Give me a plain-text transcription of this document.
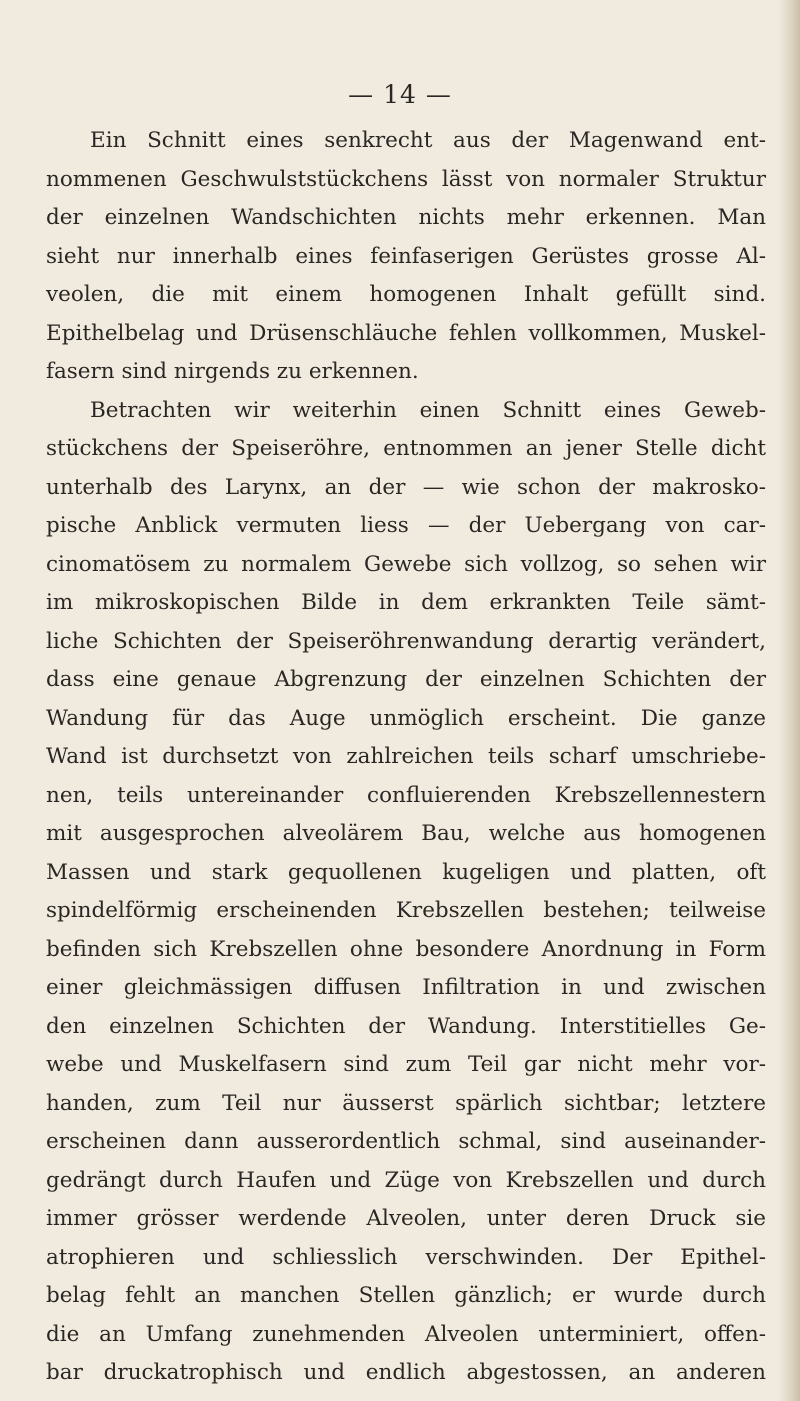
— 14 —
Ein Schnitt eines senkrecht aus der Magenwand ent-
nommenen Geschwulststückchens lässt von normaler Struktur
der einzelnen Wandschichten nichts mehr erkennen. Man
sieht nur innerhalb eines feinfaserigen Gerüstes grosse Al-
veolen, die mit einem homogenen Inhalt gefüllt sind.
Epithelbelag und Drüsenschläuche fehlen vollkommen, Muskel-
fasern sind nirgends zu erkennen.
Betrachten wir weiterhin einen Schnitt eines Geweb-
stückchens der Speiseröhre, entnommen an jener Stelle dicht
unterhalb des Larynx, an der — wie schon der makrosko-
pische Anblick vermuten liess — der Uebergang von car-
cinomatösem zu normalem Gewebe sich vollzog, so sehen wir
im mikroskopischen Bilde in dem erkrankten Teile sämt-
liche Schichten der Speiseröhrenwandung derartig verändert,
dass eine genaue Abgrenzung der einzelnen Schichten der
Wandung für das Auge unmöglich erscheint. Die ganze
Wand ist durchsetzt von zahlreichen teils scharf umschriebe-
nen, teils untereinander confluierenden Krebszellennestern
mit ausgesprochen alveolärem Bau, welche aus homogenen
Massen und stark gequollenen kugeligen und platten, oft
spindelförmig erscheinenden Krebszellen bestehen; teilweise
befinden sich Krebszellen ohne besondere Anordnung in Form
einer gleichmässigen diffusen Infiltration in und zwischen
den einzelnen Schichten der Wandung. Interstitielles Ge-
webe und Muskelfasern sind zum Teil gar nicht mehr vor-
handen, zum Teil nur äusserst spärlich sichtbar; letztere
erscheinen dann ausserordentlich schmal, sind auseinander-
gedrängt durch Haufen und Züge von Krebszellen und durch
immer grösser werdende Alveolen, unter deren Druck sie
atrophieren und schliesslich verschwinden. Der Epithel-
belag fehlt an manchen Stellen gänzlich; er wurde durch
die an Umfang zunehmenden Alveolen unterminiert, offen-
bar druckatrophisch und endlich abgestossen, an anderen
